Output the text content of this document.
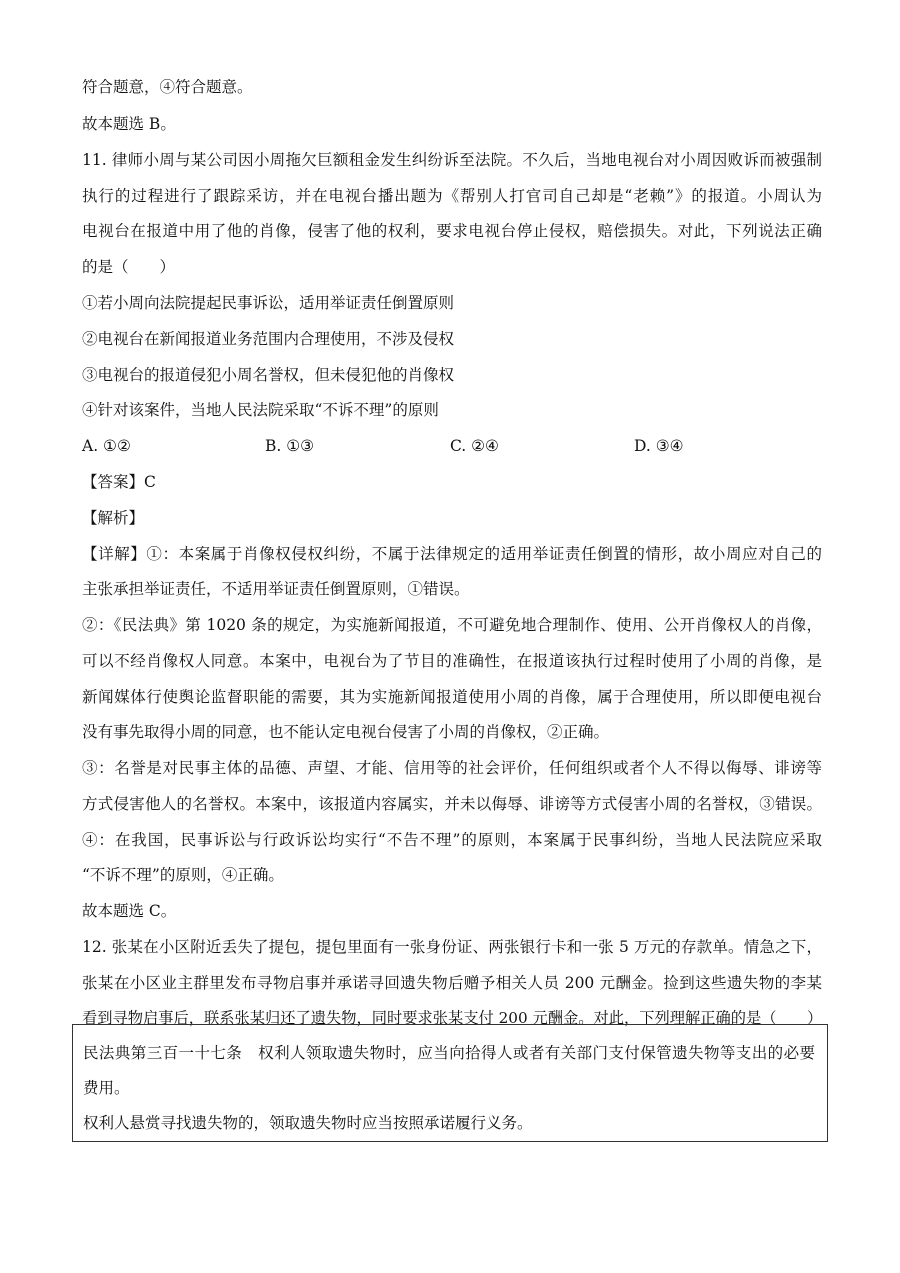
符合题意，④符合题意。
故本题选 B。
11. 律师小周与某公司因小周拖欠巨额租金发生纠纷诉至法院。不久后，当地电视台对小周因败诉而被强制
执行的过程进行了跟踪采访，并在电视台播出题为《帮别人打官司自己却是“老赖”》的报道。小周认为
电视台在报道中用了他的肖像，侵害了他的权利，要求电视台停止侵权，赔偿损失。对此，下列说法正确
的是（　　）
①若小周向法院提起民事诉讼，适用举证责任倒置原则
②电视台在新闻报道业务范围内合理使用，不涉及侵权
③电视台的报道侵犯小周名誉权，但未侵犯他的肖像权
④针对该案件，当地人民法院采取“不诉不理”的原则
A. ①②	B. ①③	C. ②④	D. ③④
【答案】C
【解析】
【详解】①：本案属于肖像权侵权纠纷，不属于法律规定的适用举证责任倒置的情形，故小周应对自己的
主张承担举证责任，不适用举证责任倒置原则，①错误。
②：《民法典》第 1020 条的规定，为实施新闻报道，不可避免地合理制作、使用、公开肖像权人的肖像，
可以不经肖像权人同意。本案中，电视台为了节目的准确性，在报道该执行过程时使用了小周的肖像，是
新闻媒体行使舆论监督职能的需要，其为实施新闻报道使用小周的肖像，属于合理使用，所以即便电视台
没有事先取得小周的同意，也不能认定电视台侵害了小周的肖像权，②正确。
③：名誉是对民事主体的品德、声望、才能、信用等的社会评价，任何组织或者个人不得以侮辱、诽谤等
方式侵害他人的名誉权。本案中，该报道内容属实，并未以侮辱、诽谤等方式侵害小周的名誉权，③错误。
④：在我国，民事诉讼与行政诉讼均实行“不告不理”的原则，本案属于民事纠纷，当地人民法院应采取
“不诉不理”的原则，④正确。
故本题选 C。
12. 张某在小区附近丢失了提包，提包里面有一张身份证、两张银行卡和一张 5 万元的存款单。情急之下，
张某在小区业主群里发布寻物启事并承诺寻回遗失物后赠予相关人员 200 元酬金。捡到这些遗失物的李某
看到寻物启事后，联系张某归还了遗失物，同时要求张某支付 200 元酬金。对此，下列理解正确的是（　　）
民法典第三百一十七条　权利人领取遗失物时，应当向拾得人或者有关部门支付保管遗失物等支出的必要
费用。
权利人悬赏寻找遗失物的，领取遗失物时应当按照承诺履行义务。
